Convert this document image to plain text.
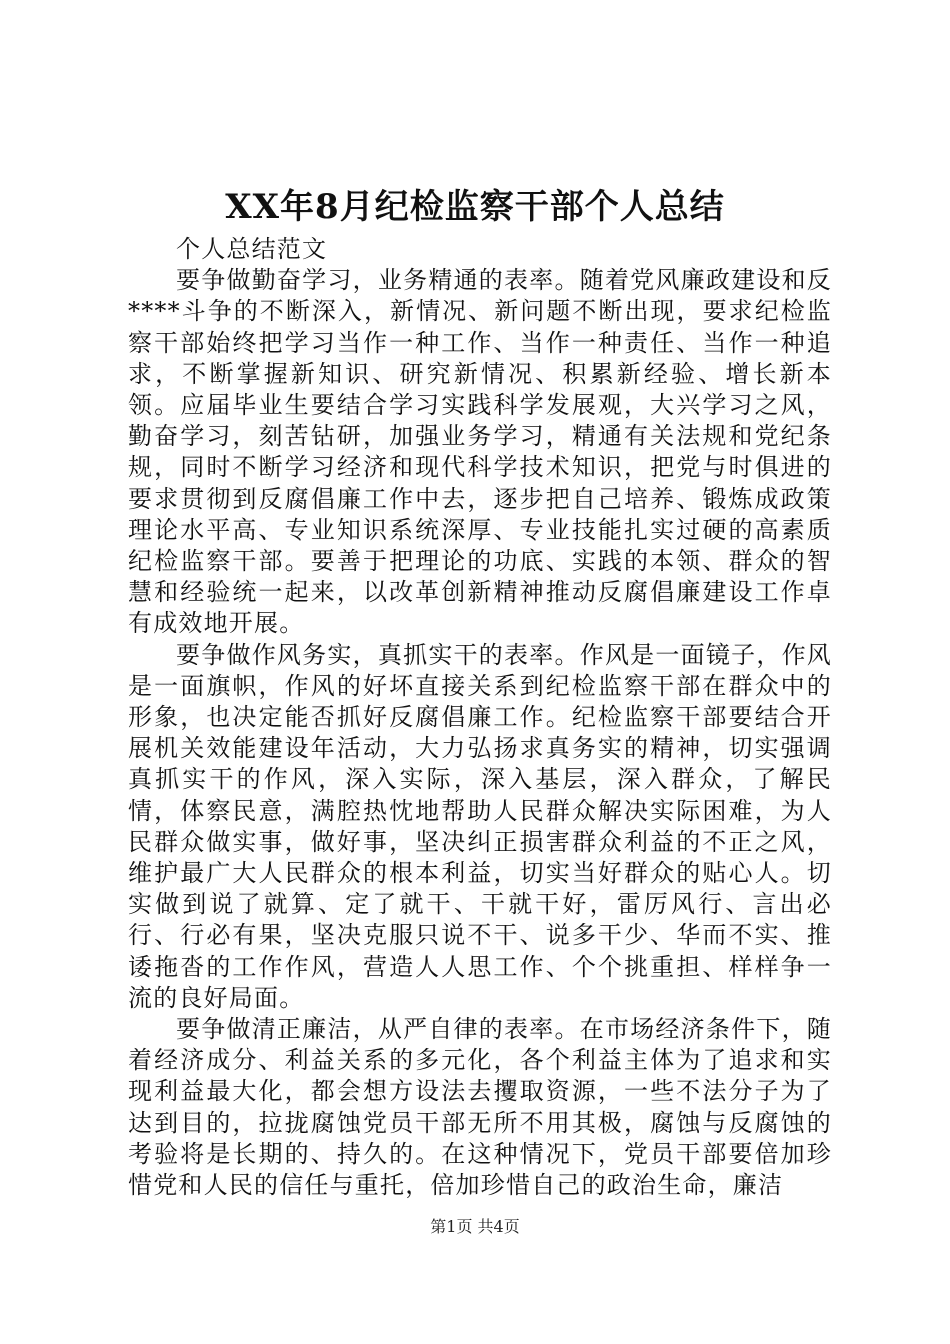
XX年8月纪检监察干部个人总结

个人总结范文

要争做勤奋学习，业务精通的表率。随着党风廉政建设和反****斗争的不断深入，新情况、新问题不断出现，要求纪检监察干部始终把学习当作一种工作、当作一种责任、当作一种追求，不断掌握新知识、研究新情况、积累新经验、增长新本领。应届毕业生要结合学习实践科学发展观，大兴学习之风，勤奋学习，刻苦钻研，加强业务学习，精通有关法规和党纪条规，同时不断学习经济和现代科学技术知识，把党与时俱进的要求贯彻到反腐倡廉工作中去，逐步把自己培养、锻炼成政策理论水平高、专业知识系统深厚、专业技能扎实过硬的高素质纪检监察干部。要善于把理论的功底、实践的本领、群众的智慧和经验统一起来，以改革创新精神推动反腐倡廉建设工作卓有成效地开展。

要争做作风务实，真抓实干的表率。作风是一面镜子，作风是一面旗帜，作风的好坏直接关系到纪检监察干部在群众中的形象，也决定能否抓好反腐倡廉工作。纪检监察干部要结合开展机关效能建设年活动，大力弘扬求真务实的精神，切实强调真抓实干的作风，深入实际，深入基层，深入群众，了解民情，体察民意，满腔热忱地帮助人民群众解决实际困难，为人民群众做实事，做好事，坚决纠正损害群众利益的不正之风，维护最广大人民群众的根本利益，切实当好群众的贴心人。切实做到说了就算、定了就干、干就干好，雷厉风行、言出必行、行必有果，坚决克服只说不干、说多干少、华而不实、推诿拖沓的工作作风，营造人人思工作、个个挑重担、样样争一流的良好局面。

要争做清正廉洁，从严自律的表率。在市场经济条件下，随着经济成分、利益关系的多元化，各个利益主体为了追求和实现利益最大化，都会想方设法去攫取资源，一些不法分子为了达到目的，拉拢腐蚀党员干部无所不用其极，腐蚀与反腐蚀的考验将是长期的、持久的。在这种情况下，党员干部要倍加珍惜党和人民的信任与重托，倍加珍惜自己的政治生命，廉洁

第1页 共4页
